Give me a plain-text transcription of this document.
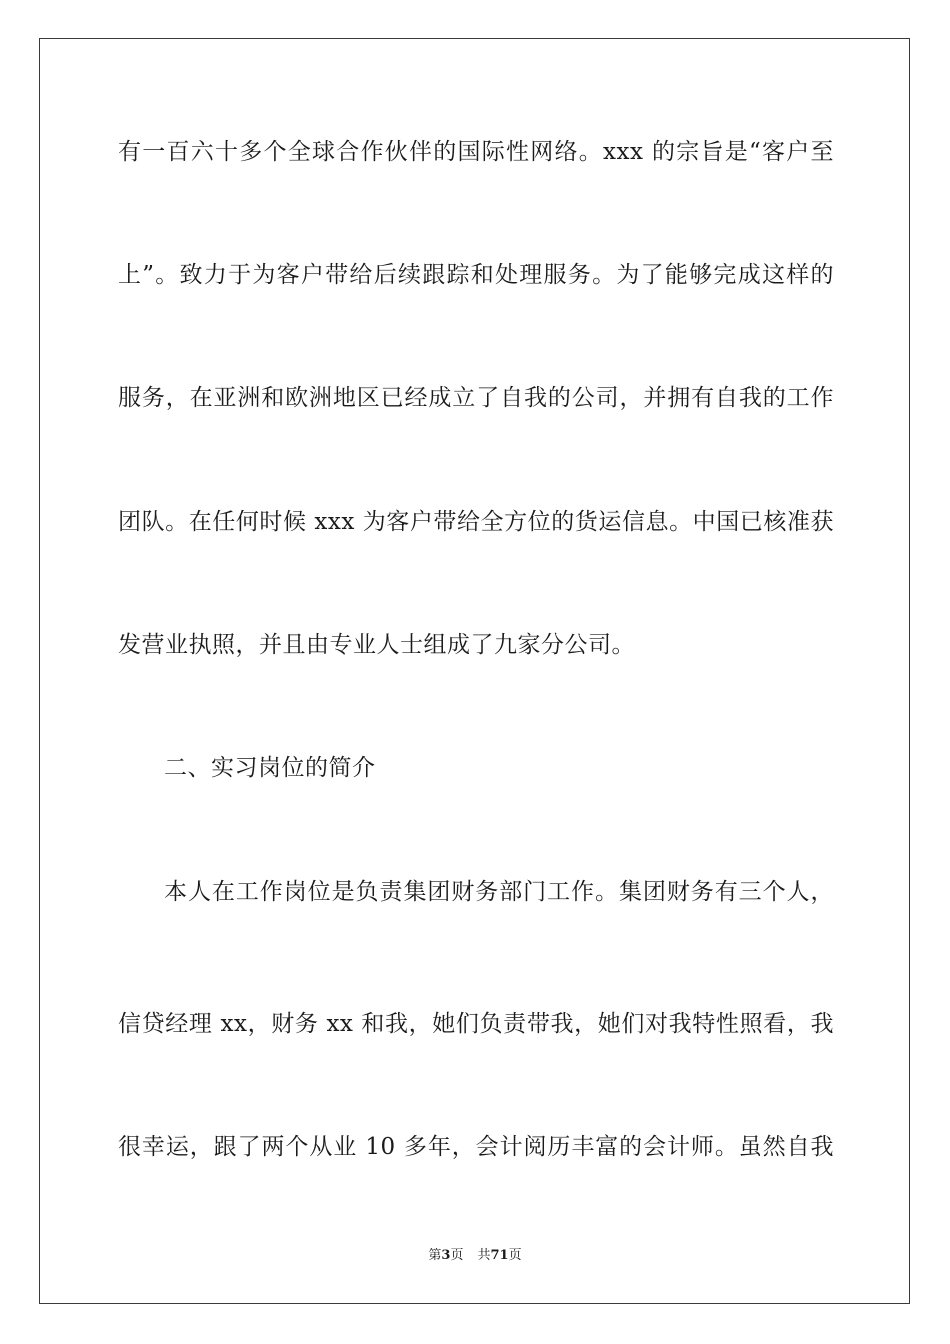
有一百六十多个全球合作伙伴的国际性网络。xxx 的宗旨是“客户至
上”。致力于为客户带给后续跟踪和处理服务。为了能够完成这样的
服务，在亚洲和欧洲地区已经成立了自我的公司，并拥有自我的工作
团队。在任何时候 xxx 为客户带给全方位的货运信息。中国已核准获
发营业执照，并且由专业人士组成了九家分公司。
二、实习岗位的简介
本人在工作岗位是负责集团财务部门工作。集团财务有三个人，
信贷经理 xx，财务 xx 和我，她们负责带我，她们对我特性照看，我
很幸运，跟了两个从业 10 多年，会计阅历丰富的会计师。虽然自我
第3页 共71页
